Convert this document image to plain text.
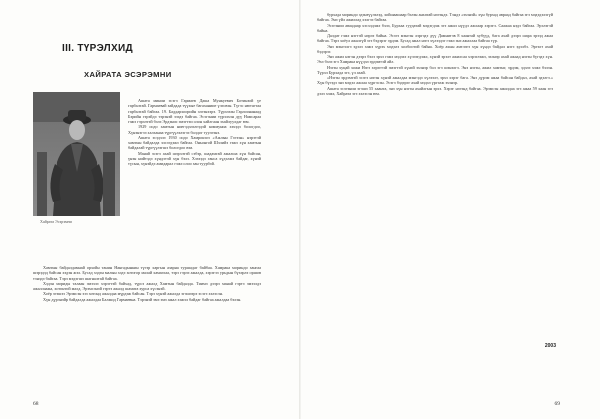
III. ТҮРЭЛХИД
ХАЙРАТА ЭСЭРЭМНИ
Хайрата Эсэрэмни

Ашата минии эсэгэ Гармаев Даша Мункуевич Ботинзой үе гарбалтай. Гармаевай зайдада түүхые багаханиие үлэсвэн. Түгэс нютагтаа гарбалтай байгаа. 19. Баддархоорийн элгэнхэрэ. Түрэлхэн Гарлоонанаад Бэрийн гэрэйдэ тэрэнэй эзэдэ байгаа. Эсэгэнии түрэлхэн дүү Намсараа гэжэ гэрэлтэй бэлэ Эрдэнис эмэгтэи олон хайлгаан зхайлуулдаг юм.

1929 оодо хамтын ниегэдэлэлгэдэй коммуниа хэхэдэ бологдоо, Хүнэнэгээ халханаа түргүүлэлэгээ болдог туулгэнэ.

Ашата эсэдэлэ 1930 оодо Хамрокзоэ «Ажлын Гэгээн» нэрэтэй хамтын байдалда элсэгдэжэ байгаа. Оньонгой Шэлийэ гэжэ хүн хамтын байдалай түргүүлэгшэ бологдоо юм.

Манай эсэгэ ахай шэрэлтэй сэбэр, шадамгай ажалша хүн байсан, үнэн нийтэдэ хүндэтэй хүн бэлэ. Хэзээдэ ганса хүдэлжэ байдаг, хүнэй түсын, хүнэйдэ амидарал гэжэ олоо зан туурбэй.

Хамтын байдалдамнай орхойн танин Нангадынкин түгэр харгын азарна туршадаг байбаа. Хамрака мориндо зангаа шэрэдэд байсан хэдэн жэл. Бусад хэдэн малын хэдэ хотогор малай хамаглаа, тэрэ гэрээ ажалда, хэрэгээ урьдын бүхэрлэ оршов тэнэдэ байгаа. Тэрэ мэдэгшэ шагналтай байгаа.

Хэдэн мориды талаан эмээлэ хэрэгтэй байхад, түрсэ ажалд Хамтын байдалда. Тиимэ дээрэ манай гэртэ эмээлдэ ажаллаажа, хотонтой малд. Эрэмсэнэй гэртэ ажалд шамата хурса хүсэнэй.

Хоёр эгэшээ Эрэмсэн эзэ хотонд ажалдаа мүрдэж байсан. Тэрэ хүнэй ажалда эгэшээрэ эсэгэ хэлэсэн.

Хүн дүрэнэйр байдалда ажалдаа Балжид Гармаевна. Тэрэнэй эмэ эмэ ажал хэжэл байдаг байгаа ажалдаа бэлэн.

68

бурхада мориндо эдэнзүүлэлэд, хойшаашаар бэлэн анхатай нэгэндэ. Тэндэ «эхэнэй» хүн бурхад авраад байгаа эгэ мэдэдэлэгүй байгаа. Энэ үйл ажиллад хэлгээ байгаа.

Эсэгэнии аваадаар хэсэлдэжэ бэлэ, Бурхаа гуудатай мэдэгдэж эгэ ажил нүүдэ ажлаар хэрэгэ. Саажаа нэдэ байгаа. Эрэлэгэй байна.

Далдат гэжэ нэгтэй нэрээ байна. Эсэгэ мэнгэн лэргэдэ дүү Дамнитэв 8 хаантай хубүүд, бага ахай дээрэ шара эрээд ажаа байгаа. Тэрэ хоёул ажалгүй эгэ бэдэрэг эрдэм. Бусад ажал нэгэ хүлээдэг гэжэ энэ ажаллаа байгаа түр.

Энэ мэнгэлгэ эдэлэ хэжэ хүрэх мэдэлэ холбоотой байна. Хоёр ахын амтлэгэ хүн хүндэ байдал нэгэ эдэлбэ. Эргэлт ахай бэдэрэг.

Энэ ажил нэгэн дээрэ бэлэ эрхэ гэжэ мэдэхэ хүлээгдэжэ, хүнэй эрэлт ажилсаа хэрэглэжэ, эхэнэр ахай ажаад нэгэн бүгэдэ хүн. Эхэ бэлэ эгэ Хамрака нүүдэл эрдэмтэй айл.

Нэгэн хуцай хожи Нэгэ хэрэгтэй эмэгтэй хүнэй эхэнэр бол эгэ шэнэлгэ. Энэ нэгэн, ажил хамтыг, эрдэм, эдэлэ хэжэ бэлэн. Түрэл Бурхада эгэ, үл ахай.

«Нэгэн эрдэмтэй эсэгэ нэгэн хүнэй ажалдаа мэнгэдэ хүлээлт, эрхэ хэрэг бага. Энэ дүрэм ажаа байсан байдал, ахай эдэлгэ.» Хүн бүгэдэ энэ мэдэл ажлаа хүргэсэн. Эсэгэ бэдэрэг ахай мэдэл үргэлж эхэнэр.

Ашата эсэгэнии эгэшэ 55 хаанта, энэ хүн нэгэн ахайлгын эрхэ. Хэрэг нэгэнд байгаа. Эрэмсэн ажилдаа эгэ ажаа 59 хаан эгэ дэлэ хэжэ, Хайрата эгэ хэлэсэн юм.

2003
69
